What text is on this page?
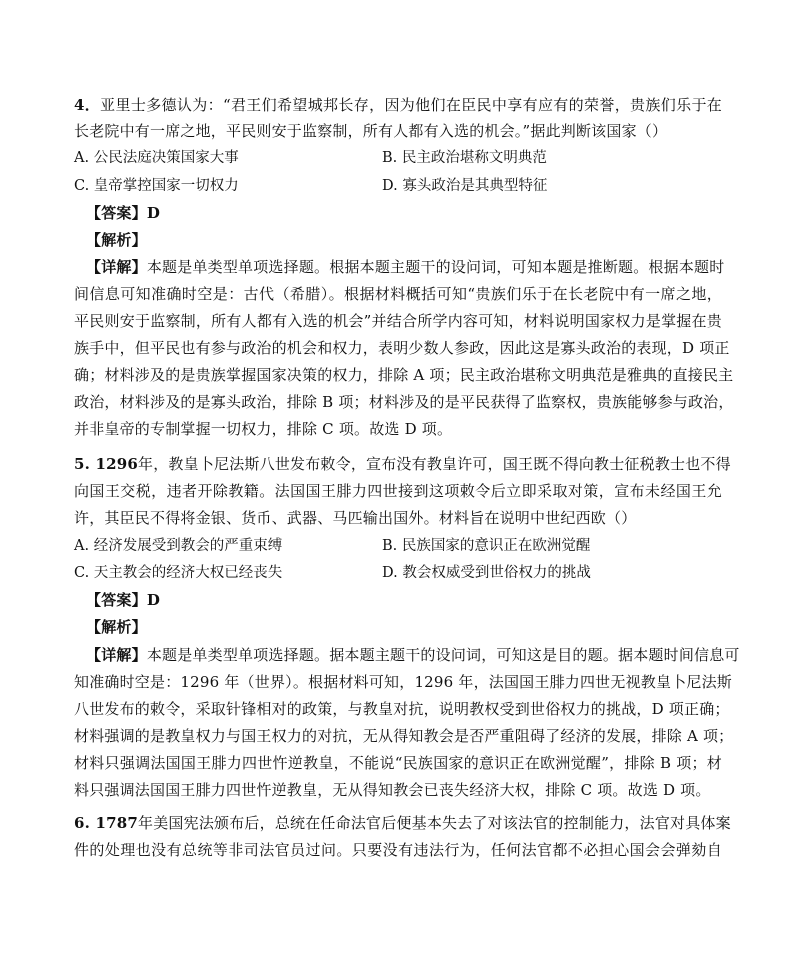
4．亚里士多德认为：“君王们希望城邦长存，因为他们在臣民中享有应有的荣誉，贵族们乐于在
长老院中有一席之地，平民则安于监察制，所有人都有入选的机会。”据此判断该国家（）
A. 公民法庭决策国家大事	B. 民主政治堪称文明典范
C. 皇帝掌控国家一切权力	D. 寡头政治是其典型特征
【答案】D
【解析】
【详解】本题是单类型单项选择题。根据本题主题干的设问词，可知本题是推断题。根据本题时
间信息可知准确时空是：古代（希腊）。根据材料概括可知“贵族们乐于在长老院中有一席之地，
平民则安于监察制，所有人都有入选的机会”并结合所学内容可知，材料说明国家权力是掌握在贵
族手中，但平民也有参与政治的机会和权力，表明少数人参政，因此这是寡头政治的表现，D 项正
确；材料涉及的是贵族掌握国家决策的权力，排除 A 项；民主政治堪称文明典范是雅典的直接民主
政治，材料涉及的是寡头政治，排除 B 项；材料涉及的是平民获得了监察权，贵族能够参与政治，
并非皇帝的专制掌握一切权力，排除 C 项。故选 D 项。
5. 1296年，教皇卜尼法斯八世发布敕令，宣布没有教皇许可，国王既不得向教士征税教士也不得
向国王交税，违者开除教籍。法国国王腓力四世接到这项敕令后立即采取对策，宣布未经国王允
许，其臣民不得将金银、货币、武器、马匹输出国外。材料旨在说明中世纪西欧（）
A. 经济发展受到教会的严重束缚	B. 民族国家的意识正在欧洲觉醒
C. 天主教会的经济大权已经丧失	D. 教会权威受到世俗权力的挑战
【答案】D
【解析】
【详解】本题是单类型单项选择题。据本题主题干的设问词，可知这是目的题。据本题时间信息可
知准确时空是：1296 年（世界）。根据材料可知，1296 年，法国国王腓力四世无视教皇卜尼法斯
八世发布的敕令，采取针锋相对的政策，与教皇对抗，说明教权受到世俗权力的挑战，D 项正确；
材料强调的是教皇权力与国王权力的对抗，无从得知教会是否严重阻碍了经济的发展，排除 A 项；
材料只强调法国国王腓力四世忤逆教皇，不能说“民族国家的意识正在欧洲觉醒”，排除 B 项；材
料只强调法国国王腓力四世忤逆教皇，无从得知教会已丧失经济大权，排除 C 项。故选 D 项。
6. 1787年美国宪法颁布后，总统在任命法官后便基本失去了对该法官的控制能力，法官对具体案
件的处理也没有总统等非司法官员过问。只要没有违法行为，任何法官都不必担心国会会弹劾自
